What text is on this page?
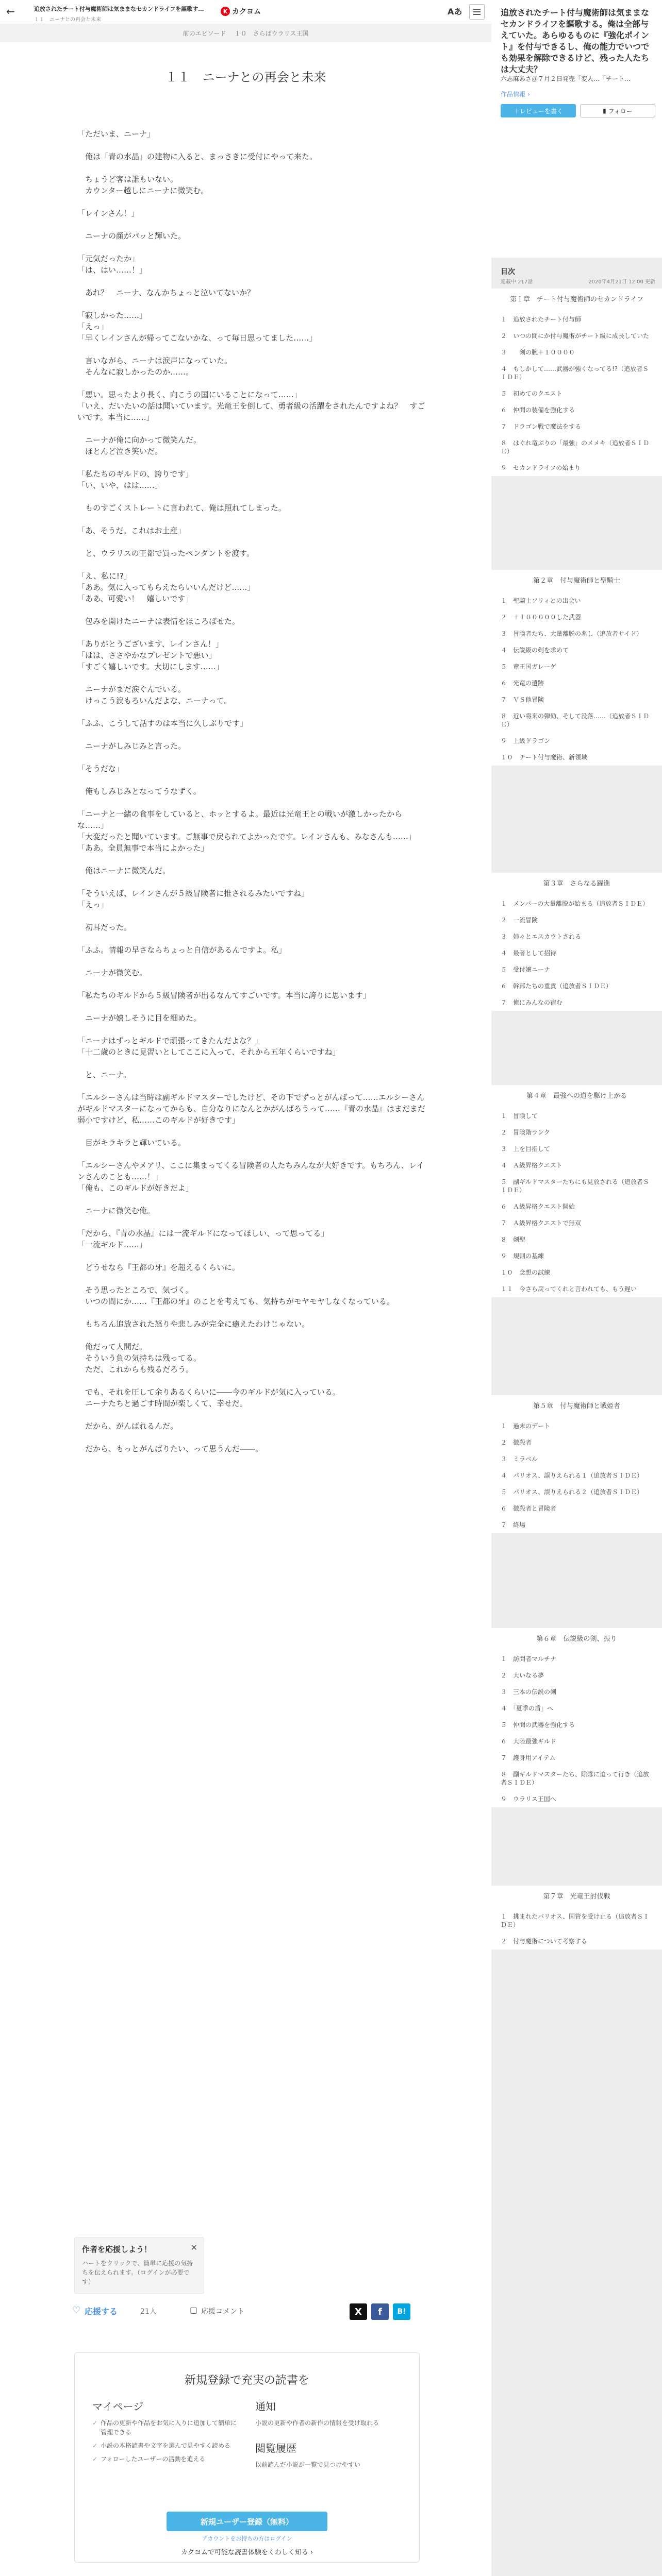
←	追放されたチート付与魔術師は気ままなセカンドライフを謳歌する。
１１　ニーナとの再会と未来
K カクヨム	Aあ
前のエピソード １０　さらばウラリス王国
１１　ニーナとの再会と未来

「ただいま、ニーナ」

　俺は「青の水晶」の建物に入ると、まっさきに受付にやって来た。

　ちょうど客は誰もいない。

　カウンター越しにニーナに微笑む。

「レインさん！」

　ニーナの顔がパッと輝いた。

「元気だったか」

「は、はい……！」

　あれ？　ニーナ、なんかちょっと泣いてないか？

「寂しかった……」

「えっ」

「早くレインさんが帰ってこないかな、って毎日思ってました……」

　言いながら、ニーナは涙声になっていた。

　そんなに寂しかったのか……。

「悪い。思ったより長く、向こうの国にいることになって……」

「いえ、だいたいの話は聞いています。光竜王を倒して、勇者級の活躍をされたんですよね？　すごいです。本当に……」

　ニーナが俺に向かって微笑んだ。

　ほとんど泣き笑いだ。

「私たちのギルドの、誇りです」

「い、いや、はは……」

　ものすごくストレートに言われて、俺は照れてしまった。

「あ、そうだ。これはお土産」

　と、ウラリスの王都で買ったペンダントを渡す。

「え、私に!?」

「ああ。気に入ってもらえたらいいんだけど……」

「ああ、可愛い！　嬉しいです」

　包みを開けたニーナは表情をほころばせた。

「ありがとうございます、レインさん！」

「はは、ささやかなプレゼントで悪い」

「すごく嬉しいです。大切にします……」

　ニーナがまだ涙ぐんでいる。

　けっこう涙もろいんだよな、ニーナって。

「ふふ、こうして話すのは本当に久しぶりです」

　ニーナがしみじみと言った。

「そうだな」

　俺もしみじみとなってうなずく。

「ニーナと一緒の食事をしていると、ホッとするよ。最近は光竜王との戦いが激しかったからな……」

「大変だったと聞いています。ご無事で戻られてよかったです。レインさんも、みなさんも……」

「ああ。全員無事で本当によかった」

　俺はニーナに微笑んだ。

「そういえば、レインさんが５級冒険者に推されるみたいですね」

「えっ」

　初耳だった。

「ふふ。情報の早さならちょっと自信があるんですよ。私」

　ニーナが微笑む。

「私たちのギルドから５級冒険者が出るなんてすごいです。本当に誇りに思います」

　ニーナが嬉しそうに目を細めた。

「ニーナはずっとギルドで頑張ってきたんだよな？」

「十二歳のときに見習いとしてここに入って、それから五年くらいですね」

　と、ニーナ。

「エルシーさんは当時は副ギルドマスターでしたけど、その下でずっとがんばって……エルシーさんがギルドマスターになってからも、自分なりになんとかがんばろうって……『青の水晶』はまだまだ弱小ですけど、私……このギルドが好きです」

　目がキラキラと輝いている。

「エルシーさんやメアリ、ここに集まってくる冒険者の人たちみんなが大好きです。もちろん、レインさんのことも……！」

「俺も、このギルドが好きだよ」

　ニーナに微笑む俺。

「だから、『青の水晶』には一流ギルドになってほしい、って思ってる」

「一流ギルド……」

　どうせなら『王都の牙』を超えるくらいに。

　そう思ったところで、気づく。

　いつの間にか……『王都の牙』のことを考えても、気持ちがモヤモヤしなくなっている。

　もちろん追放された怒りや悲しみが完全に癒えたわけじゃない。

　俺だって人間だ。

　そういう負の気持ちは残ってる。

　ただ、これからも残るだろう。

　でも、それを圧して余りあるくらいに――今のギルドが気に入っている。

　ニーナたちと過ごす時間が楽しくて、幸せだ。

　だから、がんばれるんだ。

　だから、もっとがんばりたい、って思うんだ――。

作者を応援しよう！
ハートをクリックで、簡単に応援の気持ちを伝えられます。（ログインが必要です）
✕
♡ 応援する	21人	▢ 応援コメント	X	f	B!
新規登録で充実の読書を
マイページ
✓ 作品の更新や作品をお気に入りに追加して簡単に管理できる
✓ 小説の本格読書や文字を選んで見やすく読める
✓ フォローしたユーザーの活動を追える
通知
小説の更新や作者の新作の情報を受け取れる
閲覧履歴
以前読んだ小説が一覧で見つけやすい
新規ユーザー登録（無料）
アカウントをお持ちの方はログイン
カクヨムで可能な読書体験をくわしく知る ›
追放されたチート付与魔術師は気ままなセカンドライフを謳歌する。俺は全部与えていた。あらゆるものに『強化ポイント』を付与できるし、俺の能力でいつでも効果を解除できるけど、残った人たちは大丈夫？
六志麻あさ＠７月２日発売「変人…「チート…
作品情報 ›
＋レビューを書く	▮
フォロー
目次
連載中 217話	2020年4月21日 12:00 更新
第１章　チート付与魔術師のセカンドライフ
１　追放されたチート付与師
２　いつの間にか付与魔術がチート級に成長していた
３　　剣の腕＋１００００
４　もしかして……武器が強くなってる!?（追放者ＳＩＤＥ）
５　初めてのクエスト
６　仲間の装備を強化する
７　ドラゴン戦で魔法をする
８　はぐれ竜ぶりの「最強」のメメキ（追放者ＳＩＤＥ）
９　セカンドライフの始まり
第２章　付与魔術師と聖騎士
１　聖騎士ソリィとの出会い
２　＋１０００００した武器
３　冒険者たち、大量離脱の兆し（追放者サイド）
４　伝説級の剣を求めて
５　竜王国ガレーゲ
６　光竜の遺跡
７　ＶＳ他冒険
８　近い将来の弾劾、そして没落……（追放者ＳＩＤＥ）
９　上級ドラゴン
１０　チート付与魔術、新領域
第３章　さらなる躍進
１　メンバーの大量離脱が始まる（追放者ＳＩＤＥ）
２　一流冒険
３　姉々とエスカウトされる
４　最者として招待
５　受付嬢ニーナ
６　幹部たちの重責（追放者ＳＩＤＥ）
７　俺にみんなの宿む
第４章　最強への道を駆け上がる
１　冒険して
２　冒険階ランク
３　上を目指して
４　Ａ級昇格クエスト
５　副ギルドマスターたちにも見放される（追放者ＳＩＤＥ）
６　Ａ級昇格クエスト開始
７　Ａ級昇格クエストで無双
８　剣聖
９　規則の基練
１０　念想の試練
１１　今さら戻ってくれと言われても、もう遅い
第５章　付与魔術師と戦姫者
１　過末のデート
２　徴殺者
３　ミラベル
４　パリオス、誤りえられる１（追放者ＳＩＤＥ）
５　パリオス、誤りえられる２（追放者ＳＩＤＥ）
６　徴殺者と冒険者
７　終場
第６章　伝説級の剣、振り
１　訪問者マルチナ
２　大いなる夢
３　三本の伝説の剣
４　「夏季の盾」へ
５　仲間の武器を強化する
６　大陸最強ギルド
７　護身用アイテム
８　副ギルドマスターたち、除隊に迫って行き（追放者ＳＩＤＥ）
９　ウラリス王国へ
第７章　光竜王討伐戦
１　挑まれたパリオス、国管を受け止る（追放者ＳＩＤＥ）
２　付与魔術について考察する
